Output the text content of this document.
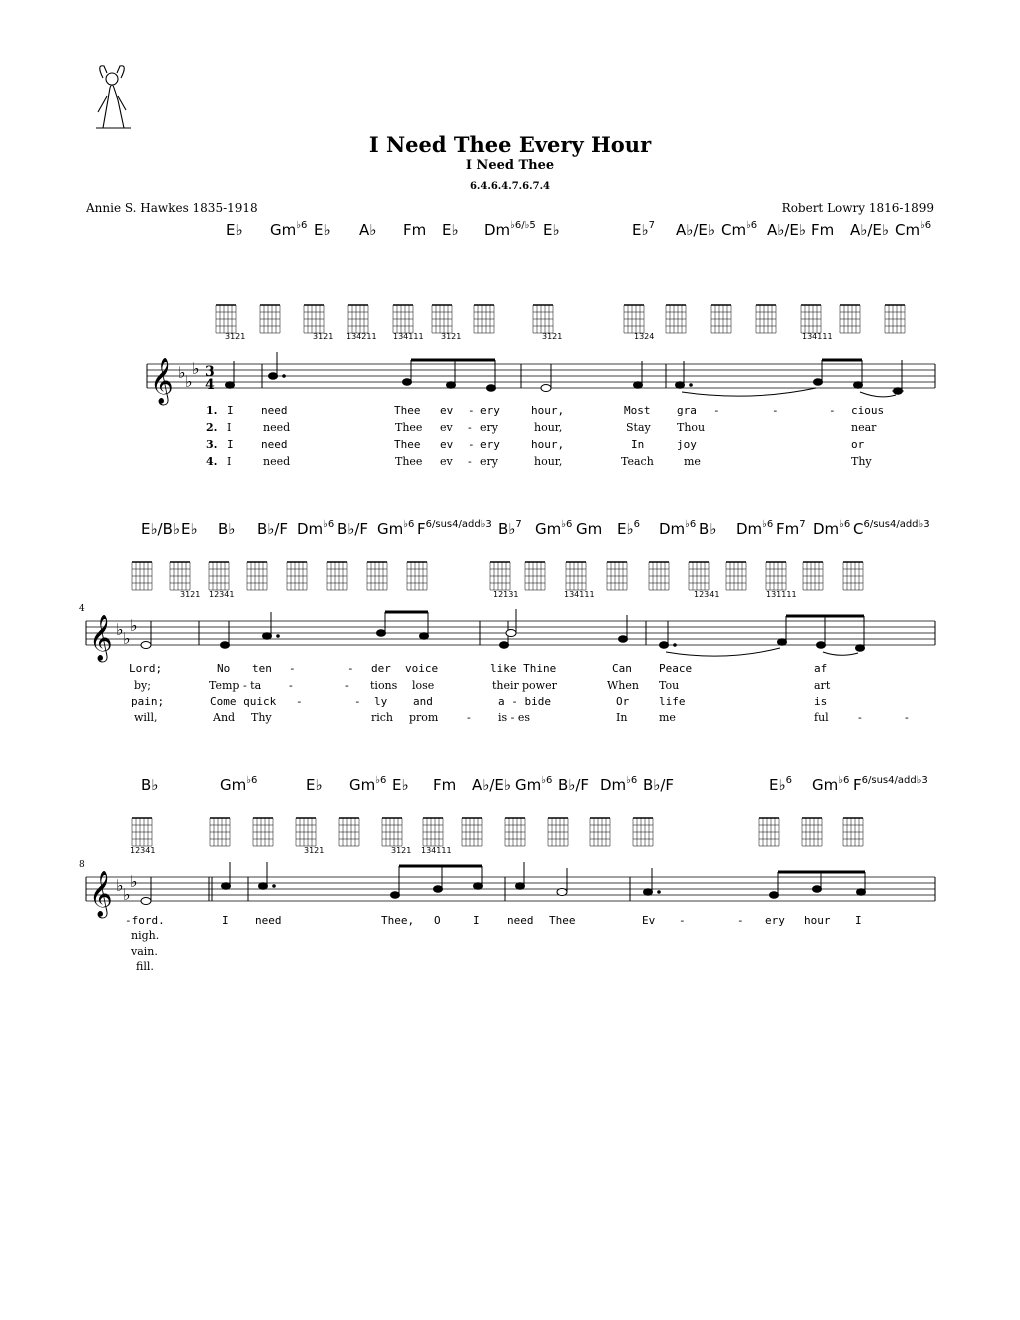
I Need Thee Every Hour
I Need Thee
6.4.6.4.7.6.7.4
Annie S. Hawkes 1835-1918	Robert Lowry 1816-1899
E♭ $Gm^{♭6}$ E♭ A♭ Fm E♭ $Dm^{♭6/♭5}$ E♭	E♭$^7$ A♭/E♭ $Cm^{♭6}$ A♭/E♭ Fm A♭/E♭ $Cm^{♭6}$
3121	3121 134211 134111 3121	3121	1324	134111
1.
2.
3.
4.
I need	Thee ev - ery	hour,	Most gra -	-	- cious
I	need	Thee ev - ery	hour,	Stay Thou	near
I need	Thee ev - ery	hour,	In	joy	or
I	need	Thee ev - ery	hour,	Teach	me	Thy
4
E♭/B♭ E♭ B♭ B♭/F $Dm^{♭6}$ B♭/F $Gm^{♭6}$ $F^{6/sus4/add♭3}$ B♭$^7$ $Gm^{♭6}$ Gm E♭$^6$ $Dm^{♭6}$ B♭ $Dm^{♭6}$ Fm$^7$ $Dm^{♭6}$ $C^{6/sus4/add♭3}$
3121 12341	12131	134111	12341	131111
Lord;	No ten -	- der voice	like Thine	Can Peace	af
by;	Temp - ta	-	- tions lose	their power	When Tou	art
pain;	Come quick -	- ly and	a - bide	Or	life	is
will,	And Thy	rich prom	- is - es	In	me	ful	-	-
8
B♭	$Gm^{♭6}$	E♭ $Gm^{♭6}$ E♭ Fm A♭/E♭ $Gm^{♭6}$ B♭/F $Dm^{♭6}$ B♭/F	E♭$^6$ $Gm^{♭6}$ $F^{6/sus4/add♭3}$
12341	3121	3121 134111
-ford.	I need	Thee, O	I need Thee	Ev -	- ery hour I
nigh.
vain.
fill.
𝄞
𝄞
𝄞
♭ ♭
♭
♭ ♭
♭
♭ ♭
♭
3
4
